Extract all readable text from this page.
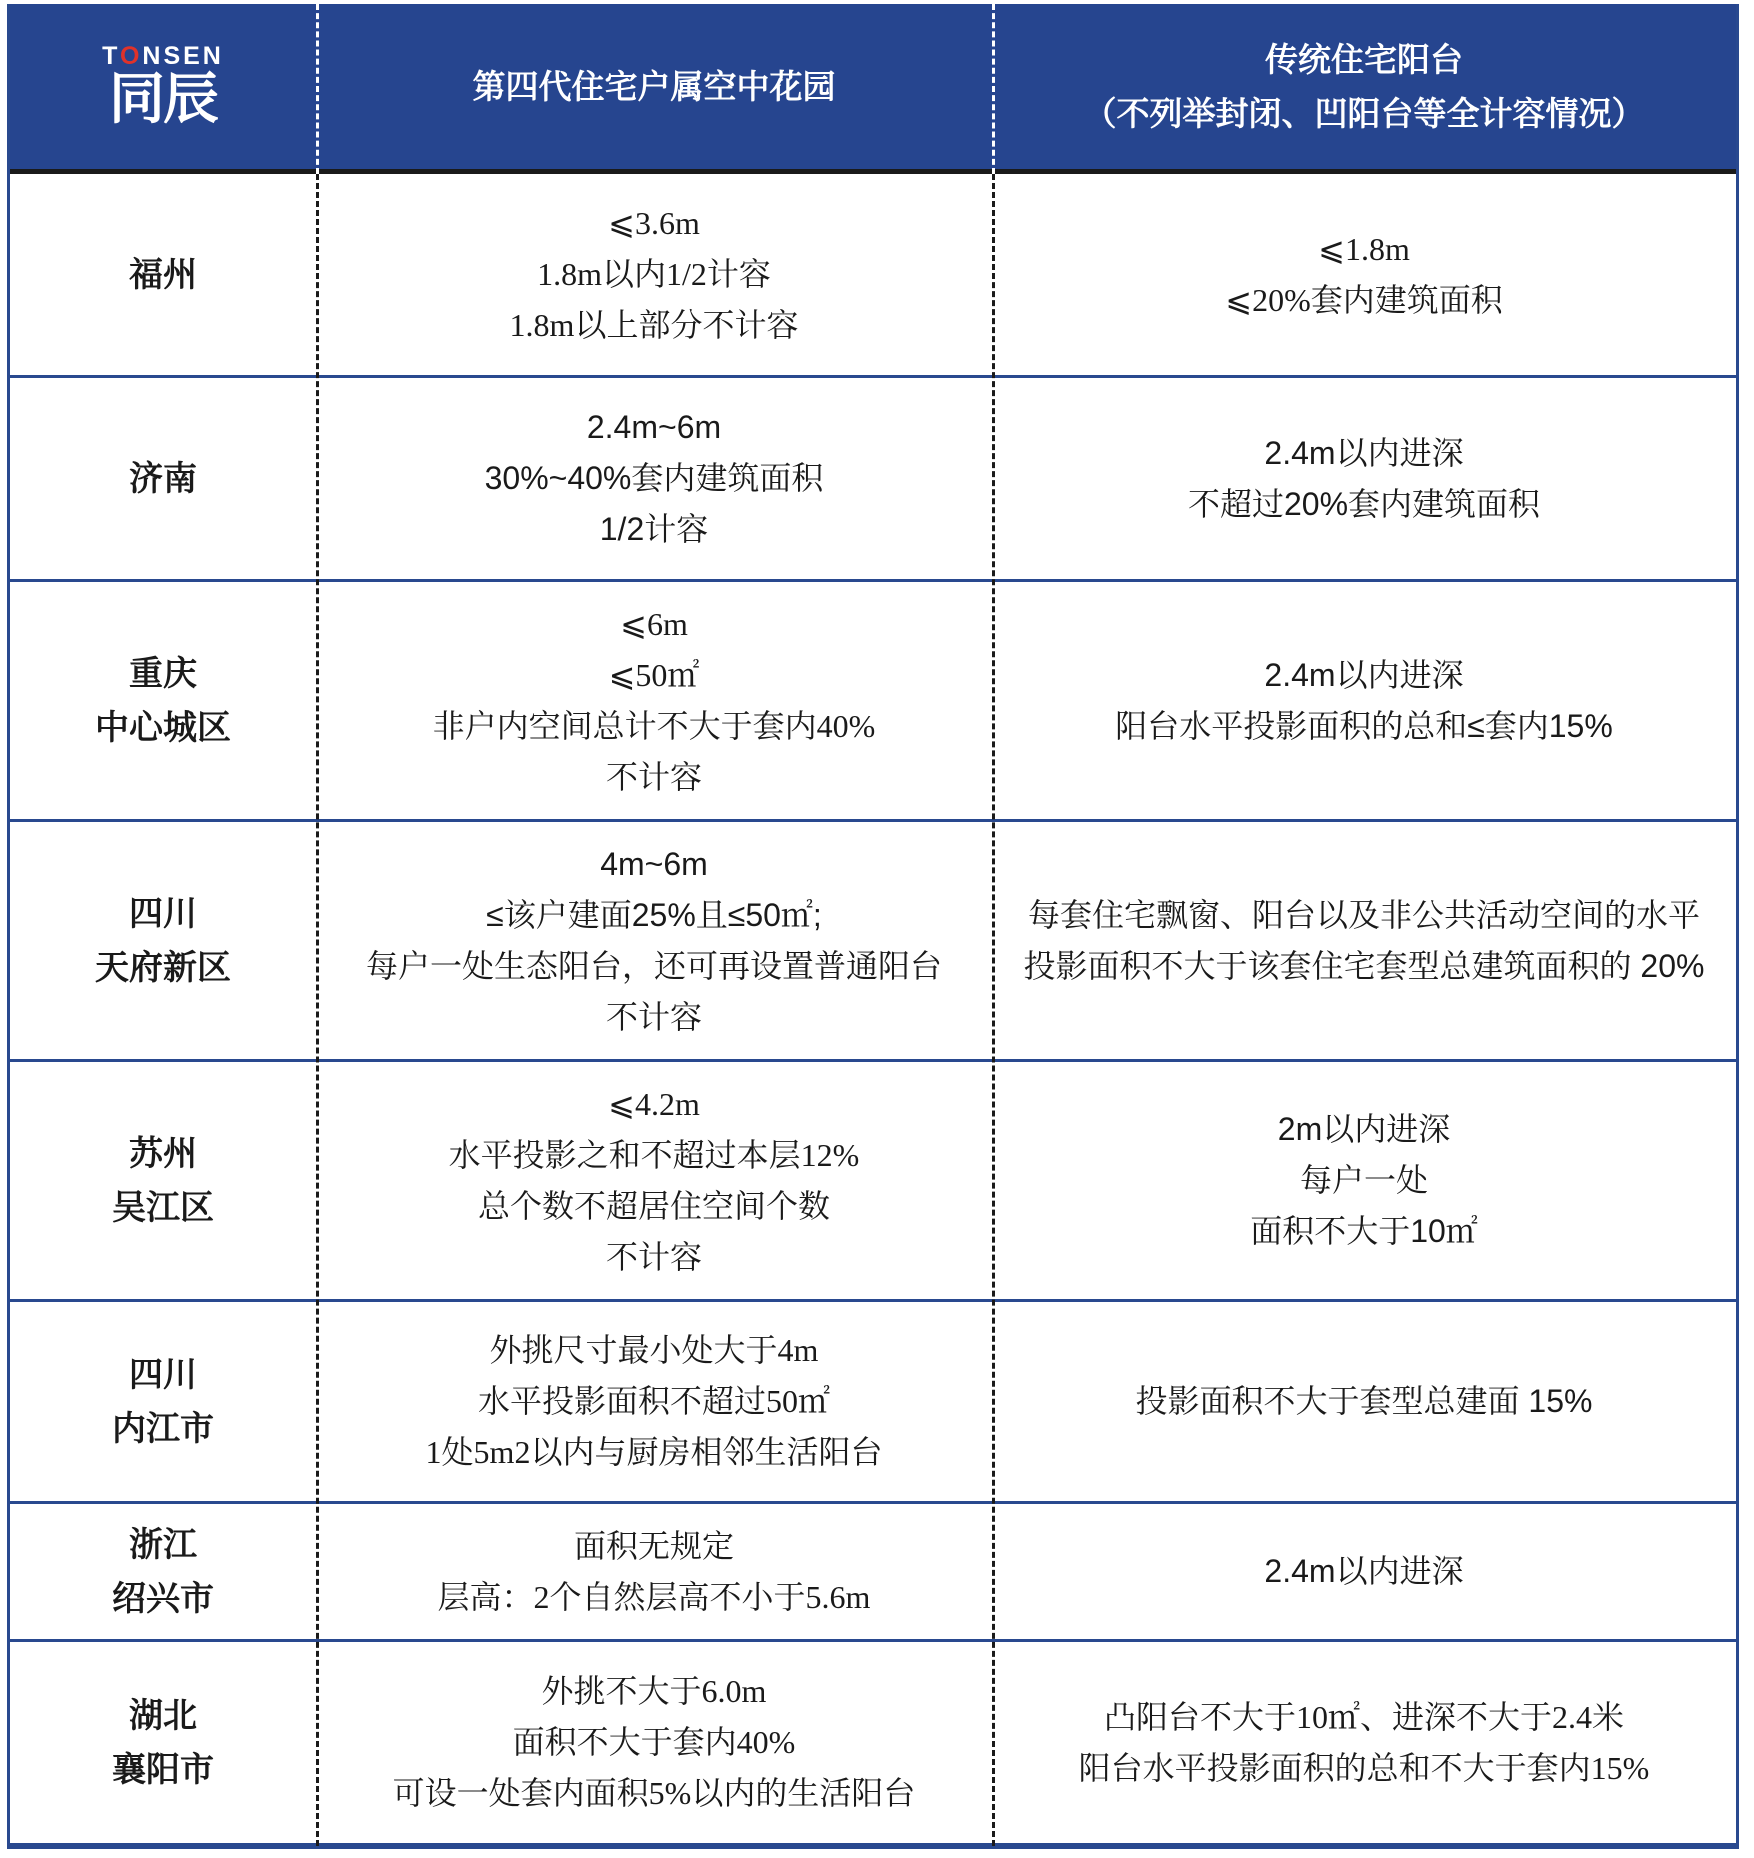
TONSEN
同辰	第四代住宅户属空中花园
传统住宅阳台
（不列举封闭、凹阳台等全计容情况）
福州
⩽3.6m
1.8m以内1/2计容
1.8m以上部分不计容
⩽1.8m
⩽20%套内建筑面积
济南
2.4m~6m
30%~40%套内建筑面积
1/2计容
2.4m以内进深
不超过20%套内建筑面积
重庆
中心城区
⩽6m
⩽50㎡
非户内空间总计不大于套内40%
不计容
2.4m以内进深
阳台水平投影面积的总和≤套内15%
四川
天府新区
4m~6m
≤该户建面25%且≤50㎡;
每户一处生态阳台，还可再设置普通阳台
不计容
每套住宅飘窗、阳台以及非公共活动空间的水平
投影面积不大于该套住宅套型总建筑面积的 20%
苏州
吴江区
⩽4.2m
水平投影之和不超过本层12%
总个数不超居住空间个数
不计容
2m以内进深
每户一处
面积不大于10㎡
四川
内江市
外挑尺寸最小处大于4m
水平投影面积不超过50㎡
1处5m2以内与厨房相邻生活阳台
投影面积不大于套型总建面 15%
浙江
绍兴市
面积无规定
层高：2个自然层高不小于5.6m
2.4m以内进深
湖北
襄阳市
外挑不大于6.0m
面积不大于套内40%
可设一处套内面积5%以内的生活阳台
凸阳台不大于10㎡、进深不大于2.4米
阳台水平投影面积的总和不大于套内15%
